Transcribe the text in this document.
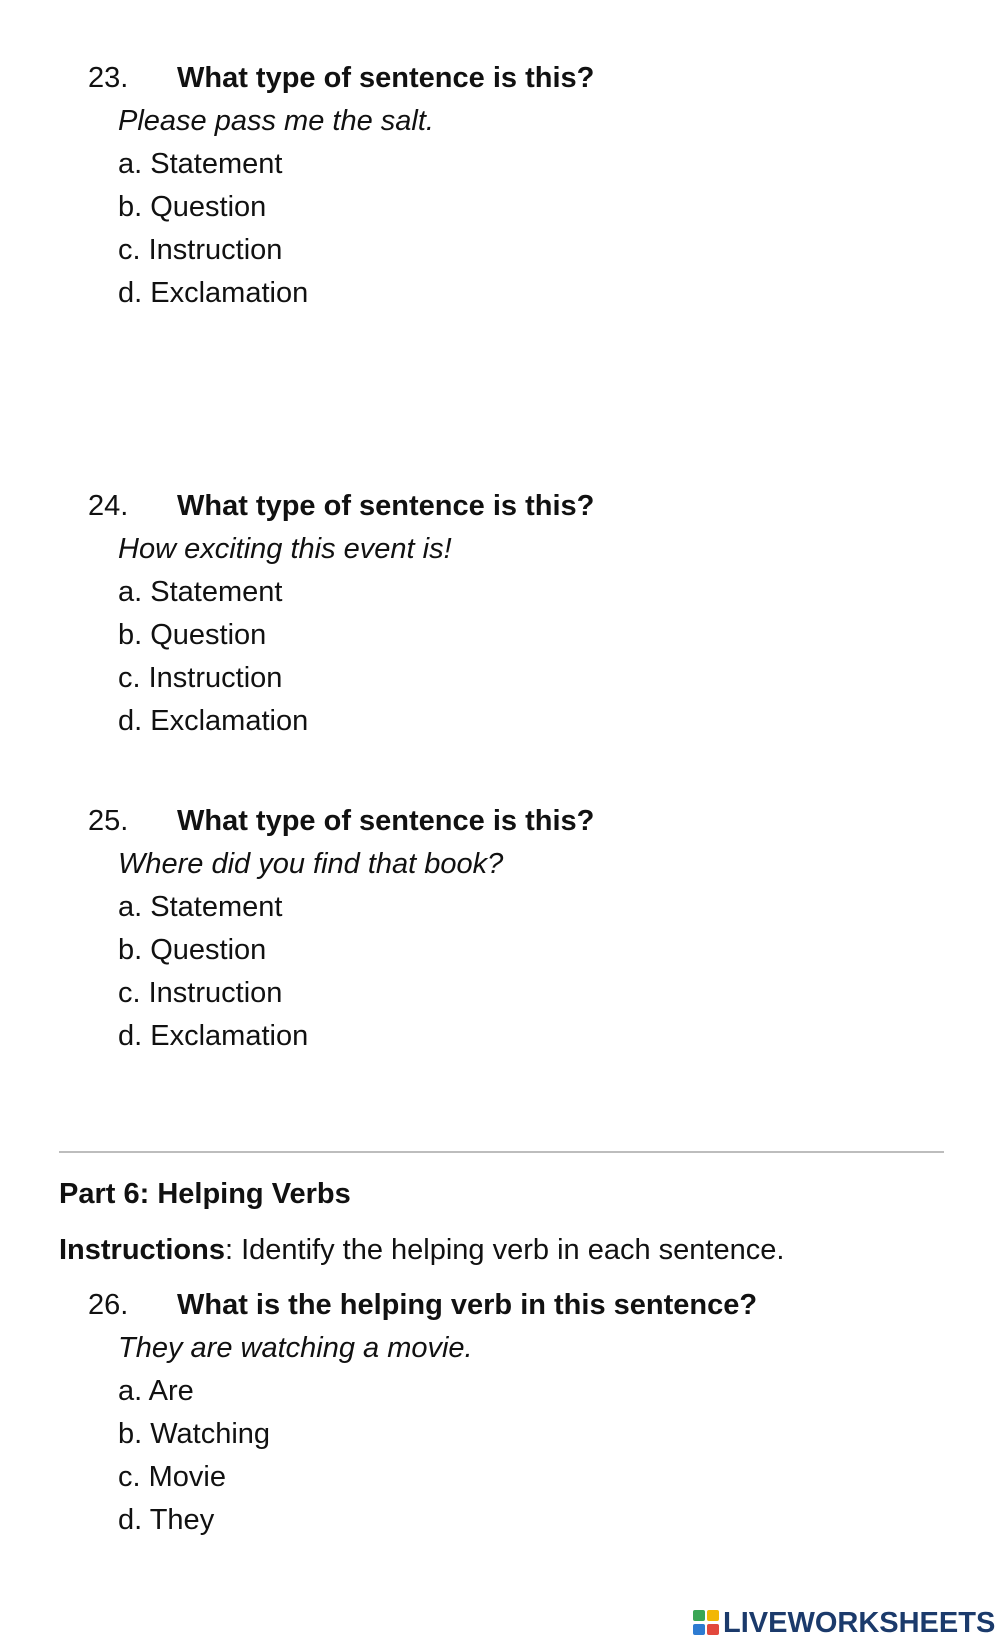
23. What type of sentence is this?
Please pass me the salt.
a. Statement
b. Question
c. Instruction
d. Exclamation
24. What type of sentence is this?
How exciting this event is!
a. Statement
b. Question
c. Instruction
d. Exclamation
25. What type of sentence is this?
Where did you find that book?
a. Statement
b. Question
c. Instruction
d. Exclamation
Part 6: Helping Verbs
Instructions: Identify the helping verb in each sentence.
26. What is the helping verb in this sentence?
They are watching a movie.
a. Are
b. Watching
c. Movie
d. They
LIVEWORKSHEETS
